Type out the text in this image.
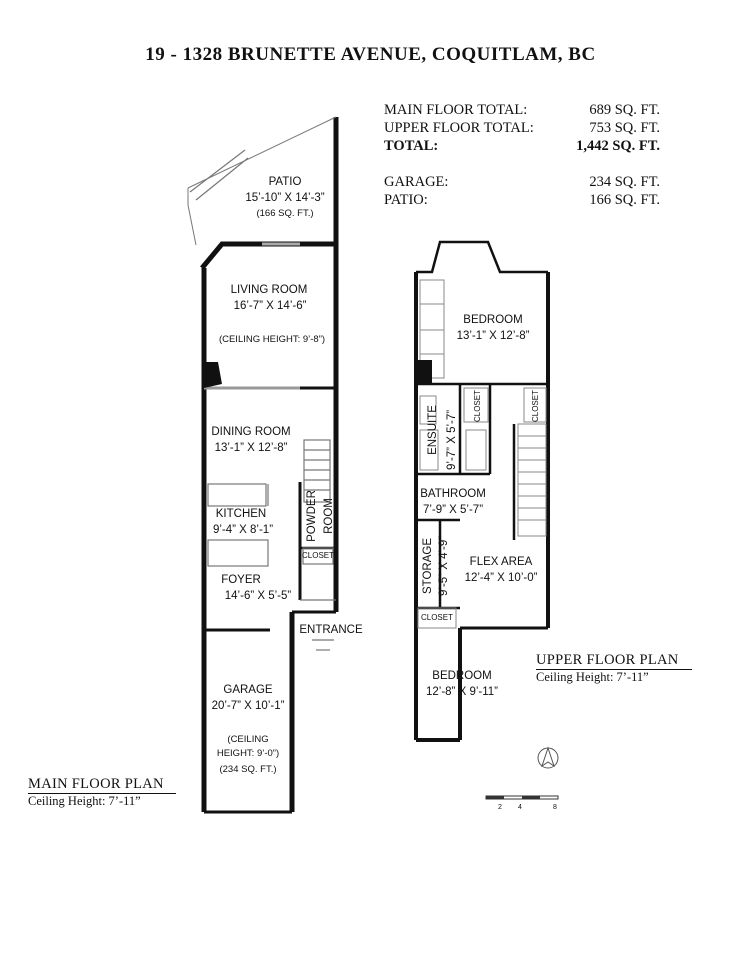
19 - 1328 BRUNETTE AVENUE, COQUITLAM, BC
MAIN FLOOR TOTAL:	689 SQ. FT.
UPPER FLOOR TOTAL:	753 SQ. FT.
TOTAL:	1,442 SQ. FT.
GARAGE:	234 SQ. FT.
PATIO:	166 SQ. FT.
2 4	8
PATIO
15’-10” X 14’-3”
(166 SQ. FT.)
LIVING ROOM
16’-7” X 14’-6”
(CEILING HEIGHT: 9’-8”)
DINING ROOM
13’-1” X 12’-8”
KITCHEN
9’-4” X 8’-1”	POWDER ROOM
CLOSET
FOYER
14’-6” X 5’-5”
ENTRANCE
GARAGE
20’-7” X 10’-1”
(CEILING
HEIGHT: 9’-0”)
(234 SQ. FT.)
MAIN FLOOR PLAN
Ceiling Height: 7’-11”
BEDROOM
13’-1” X 12’-8”
ENSUITE 9’-7” X 5’-7”
CLOSET	CLOSET
BATHROOM
7’-9” X 5’-7”
STORAGE 9’-5” X 4’-9”	FLEX AREA
12’-4” X 10’-0”
CLOSET
BEDROOM
12’-8” X 9’-11”
UPPER FLOOR PLAN
Ceiling Height: 7’-11”
